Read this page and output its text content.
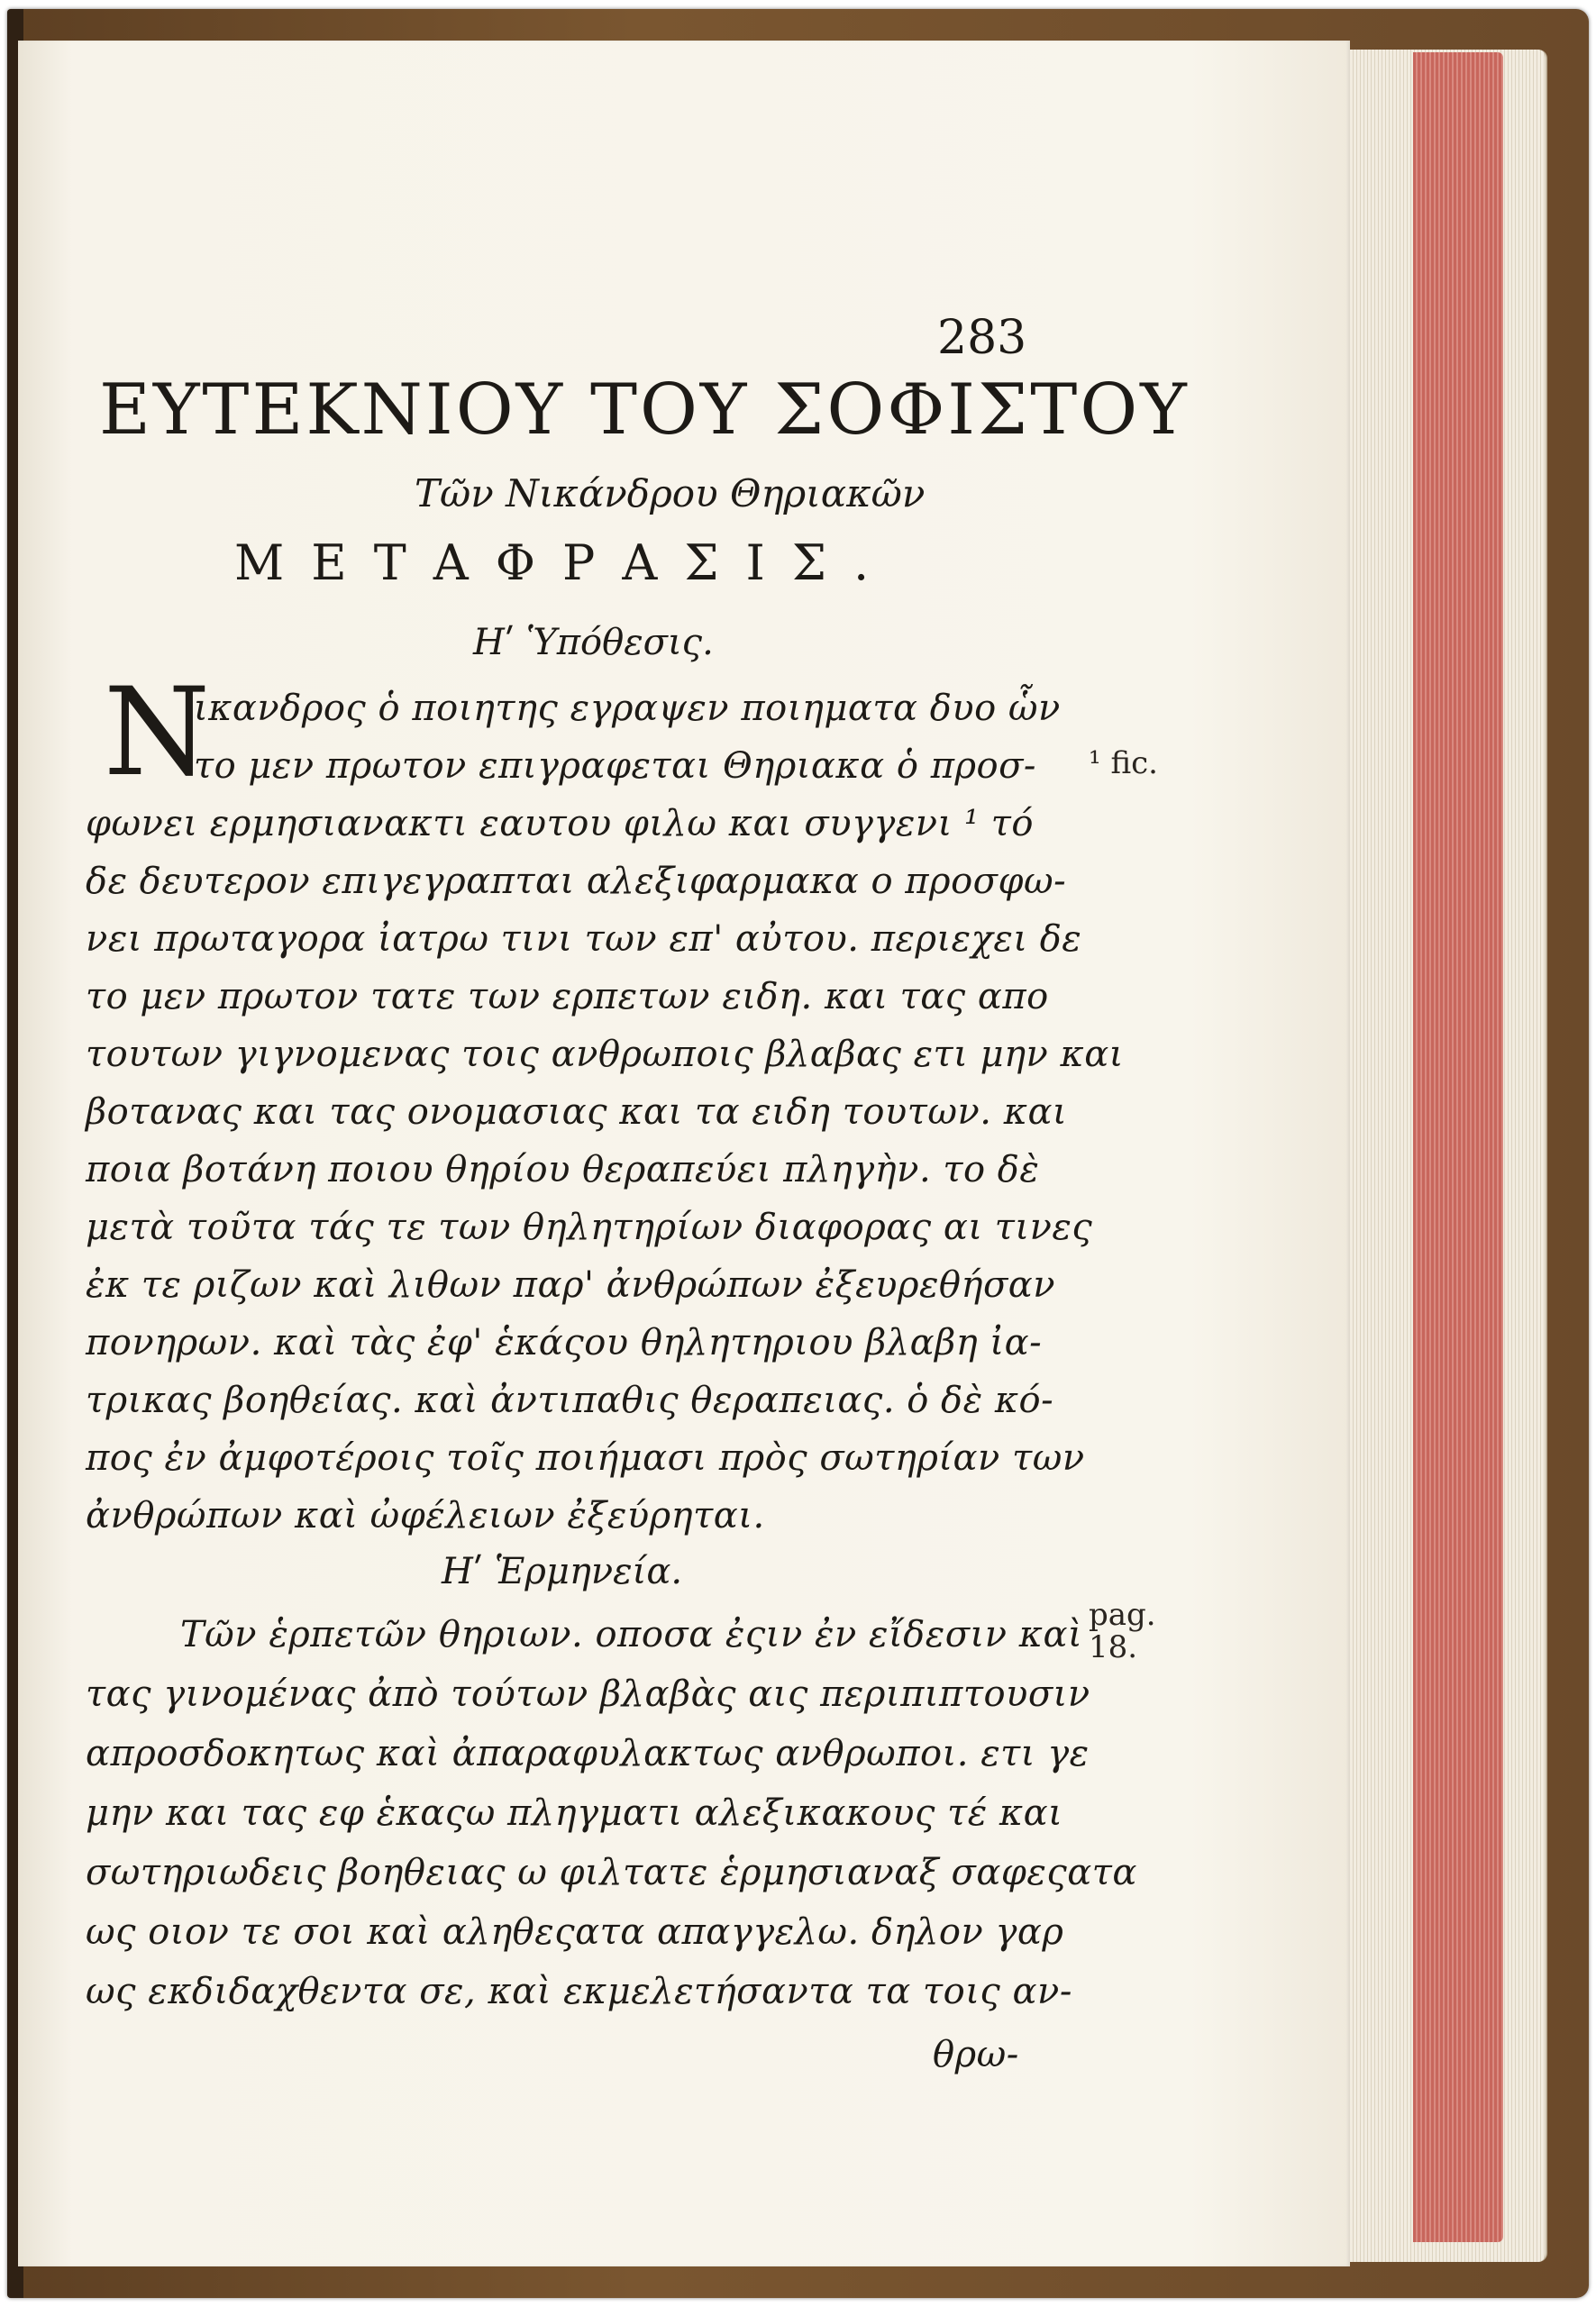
283
ΕΥΤΕΚΝΙΟΥ ΤΟΥ ΣΟΦΙΣΤΟΥ
Τῶν Νικάνδρου Θηριακῶν
ΜΕΤΑΦΡΑΣΙΣ.
Ηʹ Ὑπόθεσις.
N
ικανδρος ὁ ποιητης εγραψεν ποιηματα δυο ὧν
το μεν πρωτον επιγραφεται Θηριακα ὁ προσ-
φωνει ερμησιανακτι εαυτου φιλω και συγγενι ¹ τό
δε δευτερον επιγεγραπται αλεξιφαρμακα ο προσφω-
νει πρωταγορα ἰατρω τινι των επ' αὐτου. περιεχει δε
το μεν πρωτον τατε των ερπετων ειδη. και τας απο
τουτων γιγνομενας τοις ανθρωποις βλαβας ετι μην και
βοτανας και τας ονομασιας και τα ειδη τουτων. και
ποια βοτάνη ποιου θηρίου θεραπεύει πληγὴν. το δὲ
μετὰ τοῦτα τάς τε των θηλητηρίων διαφορας αι τινες
ἐκ τε ριζων καὶ λιθων παρ' ἀνθρώπων ἐξευρεθήσαν
πονηρων. καὶ τὰς ἐφ' ἑκάςου θηλητηριου βλαβη ἰα-
τρικας βοηθείας. καὶ ἀντιπαθις θεραπειας. ὁ δὲ κό-
πος ἐν ἀμφοτέροις τοῖς ποιήμασι πρὸς σωτηρίαν των
ἀνθρώπων καὶ ὠφέλειων ἐξεύρηται.
Ηʹ Ἑρμηνεία.
Τῶν ἑρπετῶν θηριων. οποσα ἐςιν ἐν εἴδεσιν καὶ
τας γινομένας ἀπὸ τούτων βλαβὰς αις περιπιπτουσιν
απροσδοκητως καὶ ἀπαραφυλακτως ανθρωποι. ετι γε
μην και τας εφ ἑκαςω πληγματι αλεξικακους τέ και
σωτηριωδεις βοηθειας ω φιλτατε ἑρμησιαναξ σαφεςατα
ως οιον τε σοι καὶ αληθεςατα απαγγελω. δηλον γαρ
ως εκδιδαχθεντα σε, καὶ εκμελετήσαντα τα τοις αν-
θρω-
¹ fic.
pag.
18.
